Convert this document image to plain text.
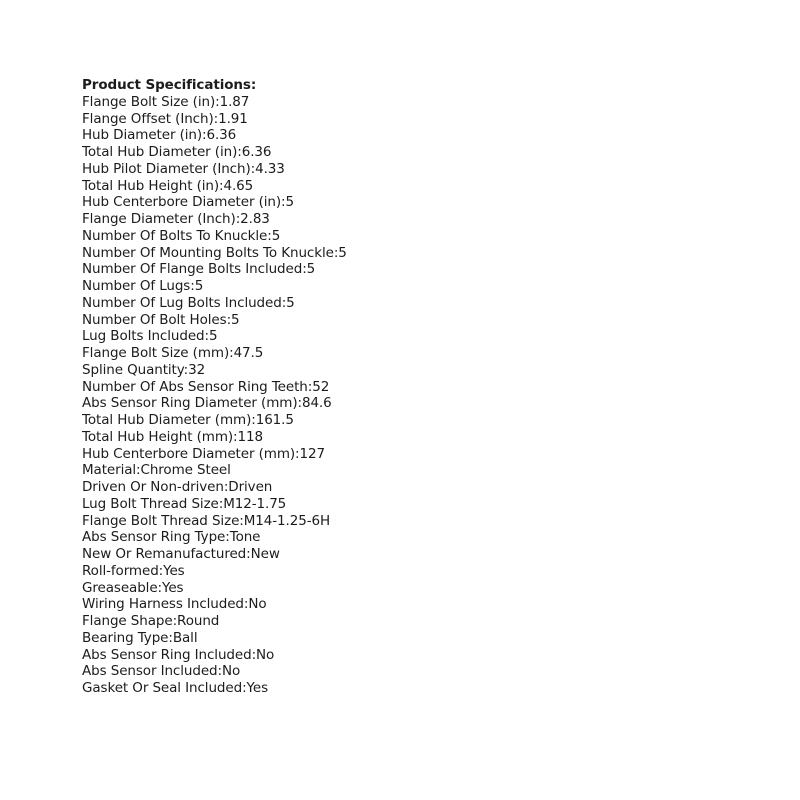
Product Specifications:
Flange Bolt Size (in):1.87
Flange Offset (Inch):1.91
Hub Diameter (in):6.36
Total Hub Diameter (in):6.36
Hub Pilot Diameter (Inch):4.33
Total Hub Height (in):4.65
Hub Centerbore Diameter (in):5
Flange Diameter (Inch):2.83
Number Of Bolts To Knuckle:5
Number Of Mounting Bolts To Knuckle:5
Number Of Flange Bolts Included:5
Number Of Lugs:5
Number Of Lug Bolts Included:5
Number Of Bolt Holes:5
Lug Bolts Included:5
Flange Bolt Size (mm):47.5
Spline Quantity:32
Number Of Abs Sensor Ring Teeth:52
Abs Sensor Ring Diameter (mm):84.6
Total Hub Diameter (mm):161.5
Total Hub Height (mm):118
Hub Centerbore Diameter (mm):127
Material:Chrome Steel
Driven Or Non-driven:Driven
Lug Bolt Thread Size:M12-1.75
Flange Bolt Thread Size:M14-1.25-6H
Abs Sensor Ring Type:Tone
New Or Remanufactured:New
Roll-formed:Yes
Greaseable:Yes
Wiring Harness Included:No
Flange Shape:Round
Bearing Type:Ball
Abs Sensor Ring Included:No
Abs Sensor Included:No
Gasket Or Seal Included:Yes
